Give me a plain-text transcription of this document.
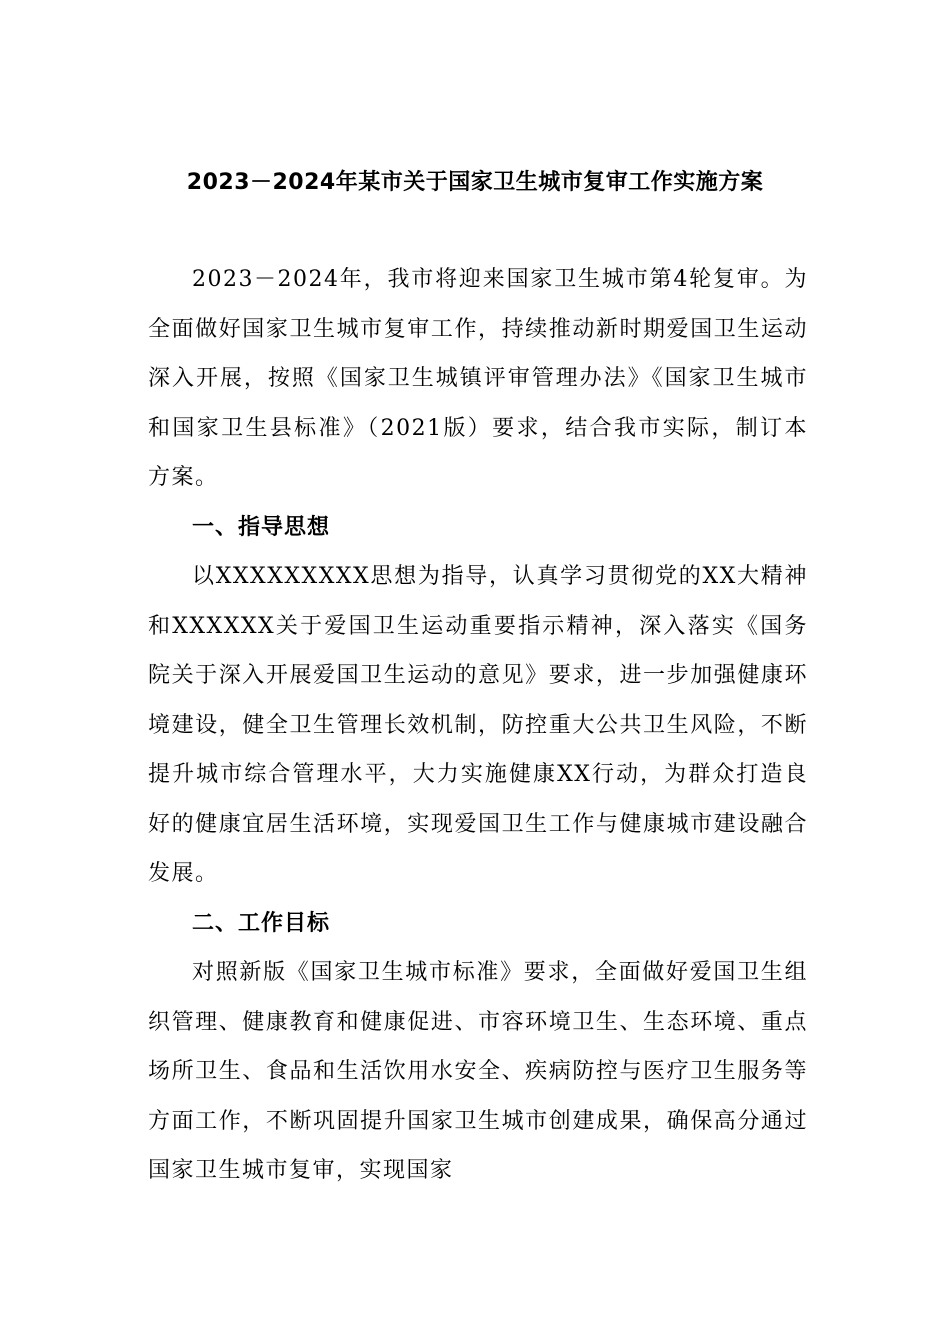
2023－2024年某市关于国家卫生城市复审工作实施方案

2023－2024年，我市将迎来国家卫生城市第4轮复审。为全面做好国家卫生城市复审工作，持续推动新时期爱国卫生运动深入开展，按照《国家卫生城镇评审管理办法》《国家卫生城市和国家卫生县标准》（2021版）要求，结合我市实际，制订本方案。

一、指导思想

以XXXXXXXXX思想为指导，认真学习贯彻党的XX大精神和XXXXXX关于爱国卫生运动重要指示精神，深入落实《国务院关于深入开展爱国卫生运动的意见》要求，进一步加强健康环境建设，健全卫生管理长效机制，防控重大公共卫生风险，不断提升城市综合管理水平，大力实施健康XX行动，为群众打造良好的健康宜居生活环境，实现爱国卫生工作与健康城市建设融合发展。

二、工作目标

对照新版《国家卫生城市标准》要求，全面做好爱国卫生组织管理、健康教育和健康促进、市容环境卫生、生态环境、重点场所卫生、食品和生活饮用水安全、疾病防控与医疗卫生服务等方面工作，不断巩固提升国家卫生城市创建成果，确保高分通过国家卫生城市复审，实现国家
